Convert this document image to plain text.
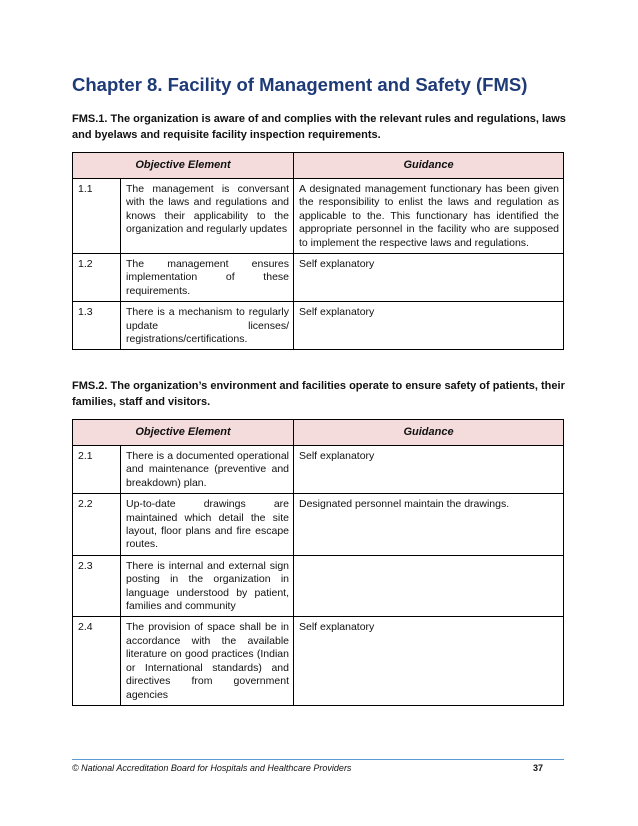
Chapter 8. Facility of Management and Safety (FMS)

FMS.1. The organization is aware of and complies with the relevant rules and regulations, laws and byelaws and requisite facility inspection requirements.

Objective Element		Guidance
1.1	The management is conversant with the laws and regulations and knows their applicability to the organization and regularly updates	A designated management functionary has been given the responsibility to enlist the laws and regulation as applicable to the. This functionary has identified the appropriate personnel in the facility who are supposed to implement the respective laws and regulations.
1.2	The management ensures implementation of these requirements.	Self explanatory
1.3	There is a mechanism to regularly update licenses/ registrations/certifications.	Self explanatory

FMS.2. The organization’s environment and facilities operate to ensure safety of patients, their families, staff and visitors.

Objective Element		Guidance
2.1	There is a documented operational and maintenance (preventive and breakdown) plan.	Self explanatory
2.2	Up-to-date drawings are maintained which detail the site layout, floor plans and fire escape routes.	Designated personnel maintain the drawings.
2.3	There is internal and external sign posting in the organization in language understood by patient, families and community	
2.4	The provision of space shall be in accordance with the available literature on good practices (Indian or International standards) and directives from government agencies	Self explanatory
© National Accreditation Board for Hospitals and Healthcare Providers	37
